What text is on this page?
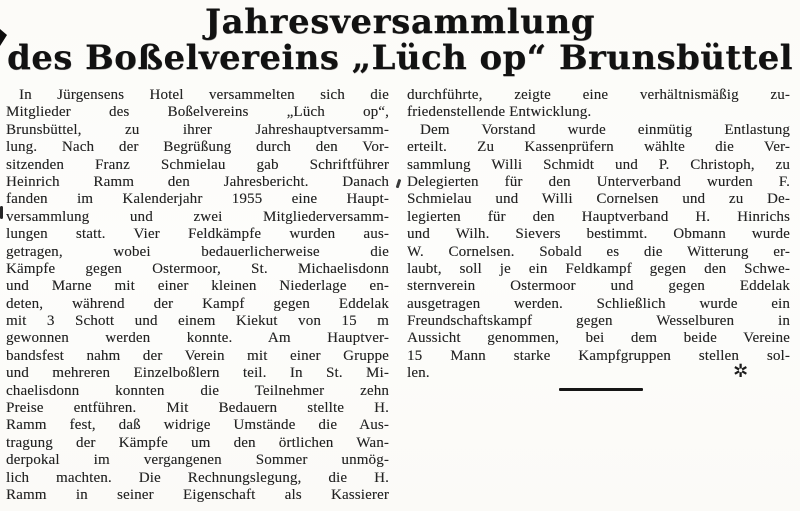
Jahresversammlung
des Boßelvereins „Lüch op“ Brunsbüttel
In Jürgensens Hotel versammelten sich die
Mitglieder des Boßelvereins „Lüch op“,
Brunsbüttel, zu ihrer Jahreshauptversamm-
lung. Nach der Begrüßung durch den Vor-
sitzenden Franz Schmielau gab Schriftführer
Heinrich Ramm den Jahresbericht. Danach
fanden im Kalenderjahr 1955 eine Haupt-
versammlung und zwei Mitgliederversamm-
lungen statt. Vier Feldkämpfe wurden aus-
getragen, wobei bedauerlicherweise die
Kämpfe gegen Ostermoor, St. Michaelisdonn
und Marne mit einer kleinen Niederlage en-
deten, während der Kampf gegen Eddelak
mit 3 Schott und einem Kiekut von 15 m
gewonnen werden konnte. Am Hauptver-
bandsfest nahm der Verein mit einer Gruppe
und mehreren Einzelboßlern teil. In St. Mi-
chaelisdonn konnten die Teilnehmer zehn
Preise entführen. Mit Bedauern stellte H.
Ramm fest, daß widrige Umstände die Aus-
tragung der Kämpfe um den örtlichen Wan-
derpokal im vergangenen Sommer unmög-
lich machten. Die Rechnungslegung, die H.
Ramm in seiner Eigenschaft als Kassierer
durchführte, zeigte eine verhältnismäßig zu-
friedenstellende Entwicklung.
Dem Vorstand wurde einmütig Entlastung
erteilt. Zu Kassenprüfern wählte die Ver-
sammlung Willi Schmidt und P. Christoph, zu
Delegierten für den Unterverband wurden F.
Schmielau und Willi Cornelsen und zu De-
legierten für den Hauptverband H. Hinrichs
und Wilh. Sievers bestimmt. Obmann wurde
W. Cornelsen. Sobald es die Witterung er-
laubt, soll je ein Feldkampf gegen den Schwe-
sternverein Ostermoor und gegen Eddelak
ausgetragen werden. Schließlich wurde ein
Freundschaftskampf gegen Wesselburen in
Aussicht genommen, bei dem beide Vereine
15 Mann starke Kampfgruppen stellen sol-
len.	✲
